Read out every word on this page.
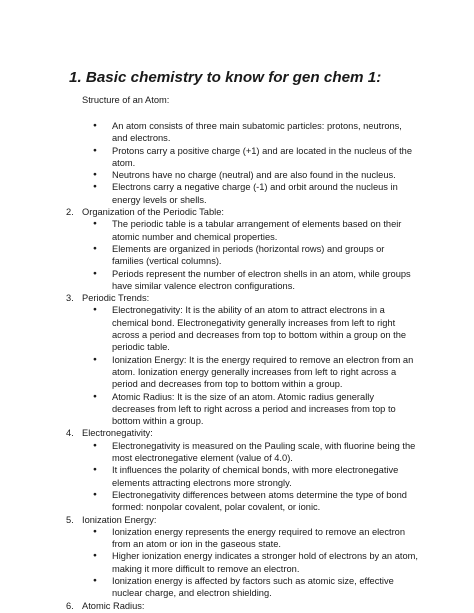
1. Basic chemistry to know for gen chem 1:
Structure of an Atom:
● An atom consists of three main subatomic particles: protons, neutrons, and electrons.
● Protons carry a positive charge (+1) and are located in the nucleus of the atom.
● Neutrons have no charge (neutral) and are also found in the nucleus.
● Electrons carry a negative charge (-1) and orbit around the nucleus in energy levels or shells.
2. Organization of the Periodic Table:
● The periodic table is a tabular arrangement of elements based on their atomic number and chemical properties.
● Elements are organized in periods (horizontal rows) and groups or families (vertical columns).
● Periods represent the number of electron shells in an atom, while groups have similar valence electron configurations.
3. Periodic Trends:
● Electronegativity: It is the ability of an atom to attract electrons in a chemical bond. Electronegativity generally increases from left to right across a period and decreases from top to bottom within a group on the periodic table.
● Ionization Energy: It is the energy required to remove an electron from an atom. Ionization energy generally increases from left to right across a period and decreases from top to bottom within a group.
● Atomic Radius: It is the size of an atom. Atomic radius generally decreases from left to right across a period and increases from top to bottom within a group.
4. Electronegativity:
● Electronegativity is measured on the Pauling scale, with fluorine being the most electronegative element (value of 4.0).
● It influences the polarity of chemical bonds, with more electronegative elements attracting electrons more strongly.
● Electronegativity differences between atoms determine the type of bond formed: nonpolar covalent, polar covalent, or ionic.
5. Ionization Energy:
● Ionization energy represents the energy required to remove an electron from an atom or ion in the gaseous state.
● Higher ionization energy indicates a stronger hold of electrons by an atom, making it more difficult to remove an electron.
● Ionization energy is affected by factors such as atomic size, effective nuclear charge, and electron shielding.
6. Atomic Radius:
